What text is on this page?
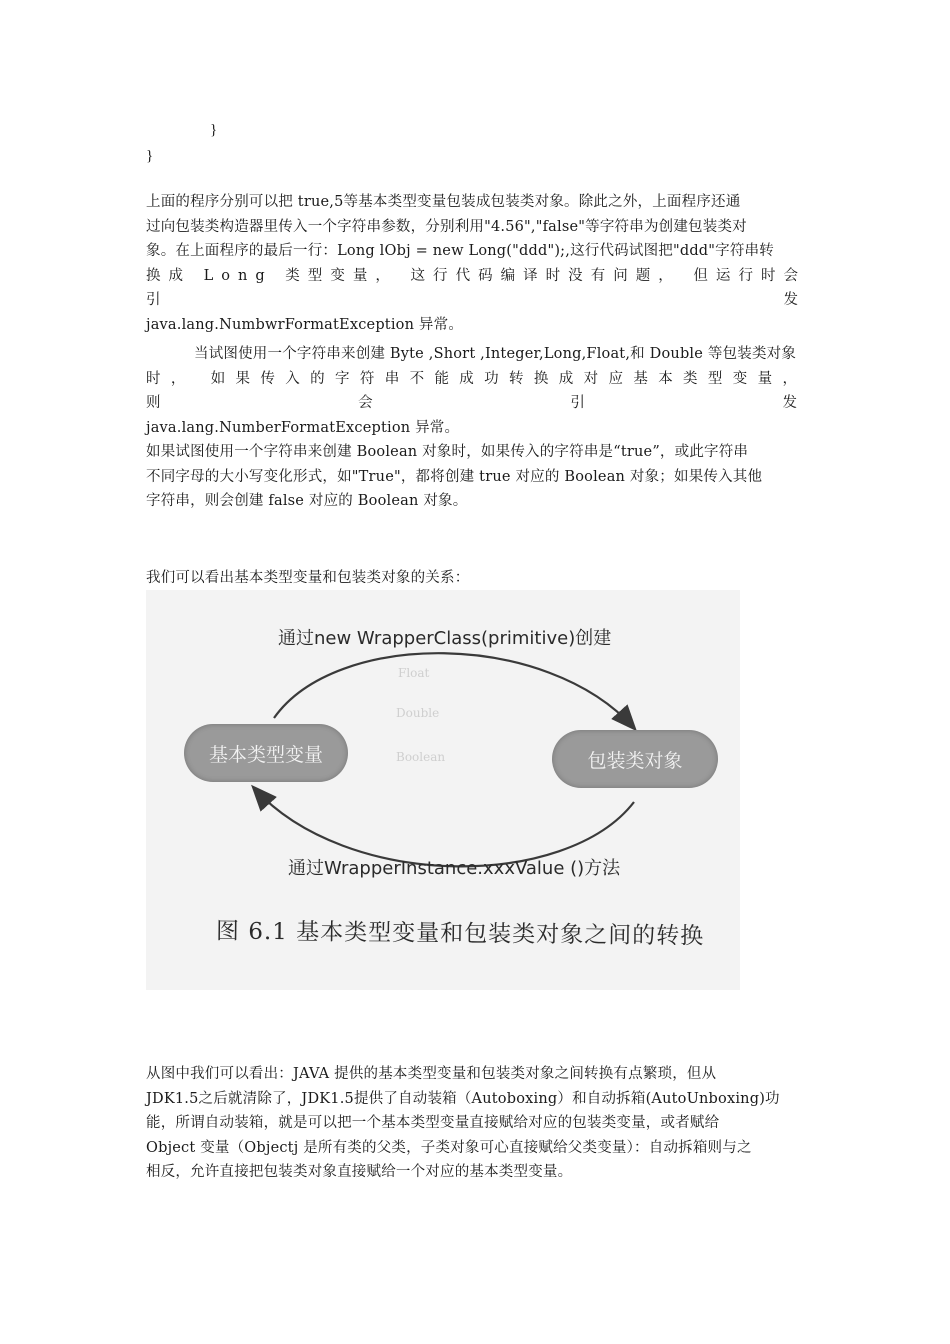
}
}
上面的程序分别可以把 true,5等基本类型变量包装成包装类对象。除此之外，上面程序还通
过向包装类构造器里传入一个字符串参数，分别利用"4.56","false"等字符串为创建包装类对
象。在上面程序的最后一行：Long lObj = new Long("ddd");,这行代码试图把"ddd"字符串转
换成 Long 类型变量， 这行代码编译时没有问题， 但运行时会引发
java.lang.NumbwrFormatException 异常。
当试图使用一个字符串来创建 Byte ,Short ,Integer,Long,Float,和 Double 等包装类对象
时， 如果传入的字符串不能成功转换成对应基本类型变量， 则会引发
java.lang.NumberFormatException 异常。
如果试图使用一个字符串来创建 Boolean 对象时，如果传入的字符串是“true”，或此字符串
不同字母的大小写变化形式，如"True"，都将创建 true 对应的 Boolean 对象；如果传入其他
字符串，则会创建 false 对应的 Boolean 对象。
我们可以看出基本类型变量和包装类对象的关系：
Float
Double
Boolean
通过new WrapperClass(primitive)创建
基本类型变量	包装类对象
通过WrapperInstance.xxxValue ()方法
图 6.1 基本类型变量和包装类对象之间的转换
从图中我们可以看出：JAVA 提供的基本类型变量和包装类对象之间转换有点繁琐，但从
JDK1.5之后就清除了，JDK1.5提供了自动装箱（Autoboxing）和自动拆箱(AutoUnboxing)功
能，所谓自动装箱，就是可以把一个基本类型变量直接赋给对应的包装类变量，或者赋给
Object 变量（Objectj 是所有类的父类，子类对象可心直接赋给父类变量）：自动拆箱则与之
相反，允许直接把包装类对象直接赋给一个对应的基本类型变量。
